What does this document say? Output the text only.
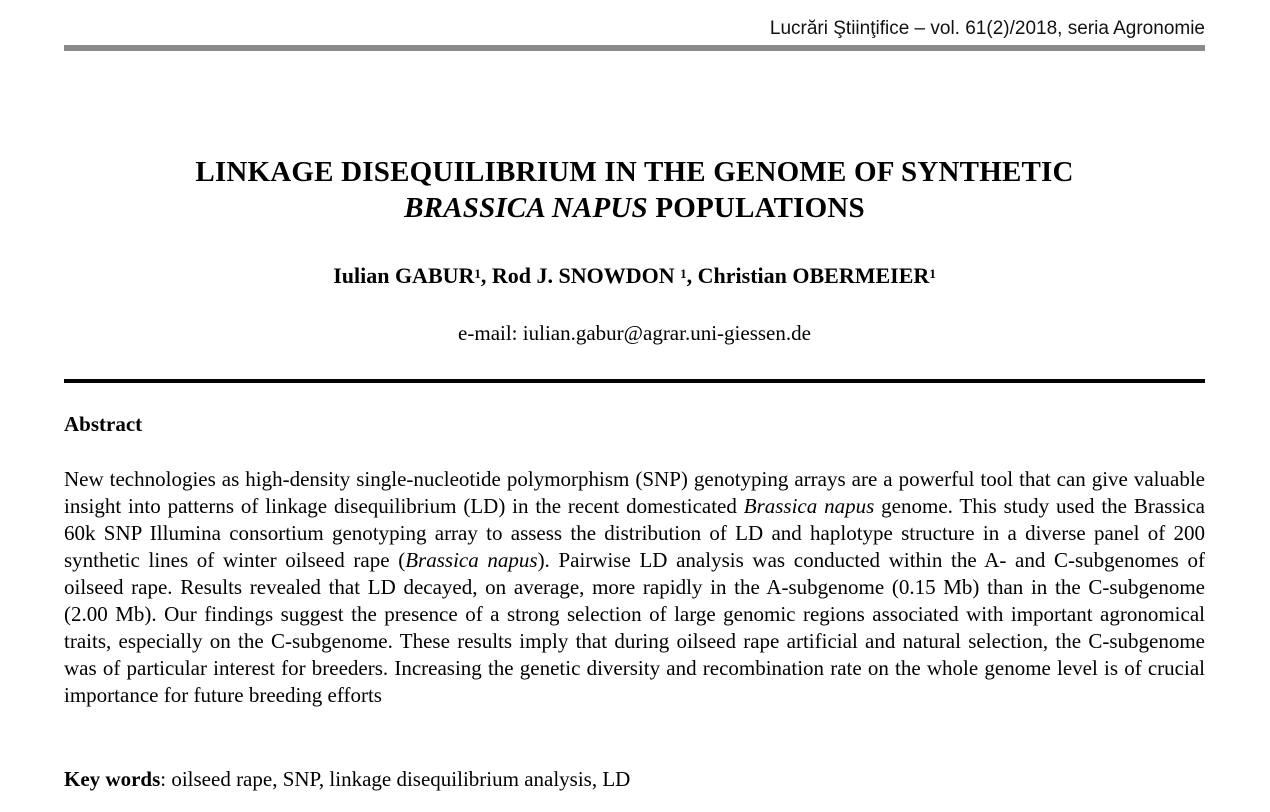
Lucrări Ştiinţifice – vol. 61(2)/2018, seria Agronomie
LINKAGE DISEQUILIBRIUM IN THE GENOME OF SYNTHETIC
BRASSICA NAPUS POPULATIONS
Iulian GABUR$^1$, Rod J. SNOWDON $^1$, Christian OBERMEIER$^1$
e-mail: iulian.gabur@agrar.uni-giessen.de
Abstract
New technologies as high-density single-nucleotide polymorphism (SNP) genotyping arrays are a powerful tool that can give valuable insight into patterns of linkage disequilibrium (LD) in the recent domesticated Brassica napus genome. This study used the Brassica 60k SNP Illumina consortium genotyping array to assess the distribution of LD and haplotype structure in a diverse panel of 200 synthetic lines of winter oilseed rape (Brassica napus). Pairwise LD analysis was conducted within the A- and C-subgenomes of oilseed rape. Results revealed that LD decayed, on average, more rapidly in the A-subgenome (0.15 Mb) than in the C-subgenome (2.00 Mb). Our findings suggest the presence of a strong selection of large genomic regions associated with important agronomical traits, especially on the C-subgenome. These results imply that during oilseed rape artificial and natural selection, the C-subgenome was of particular interest for breeders. Increasing the genetic diversity and recombination rate on the whole genome level is of crucial importance for future breeding efforts
Key words: oilseed rape, SNP, linkage disequilibrium analysis, LD
